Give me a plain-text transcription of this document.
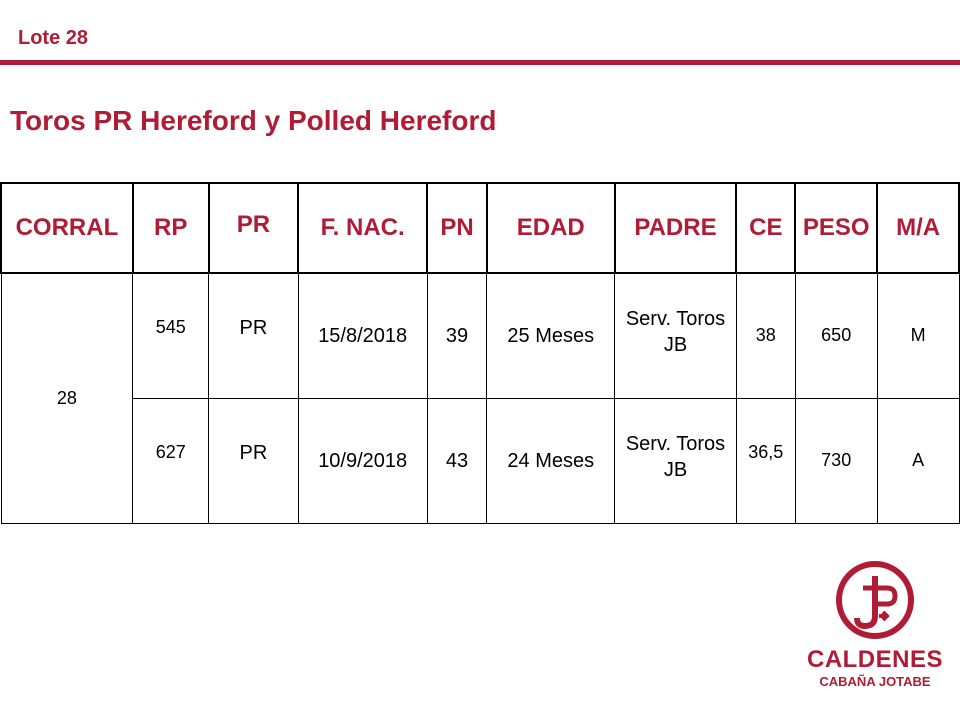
Lote 28
Toros PR Hereford y Polled Hereford
CORRAL	RP	PR	F. NAC.	PN	EDAD	PADRE	CE	PESO	M/A
28	545	PR	15/8/2018	39	25 Meses	Serv. Toros JB	38	650	M
	627	PR	10/9/2018	43	24 Meses	Serv. Toros JB	36,5	730	A
CALDENES
CABAÑA JOTABE
